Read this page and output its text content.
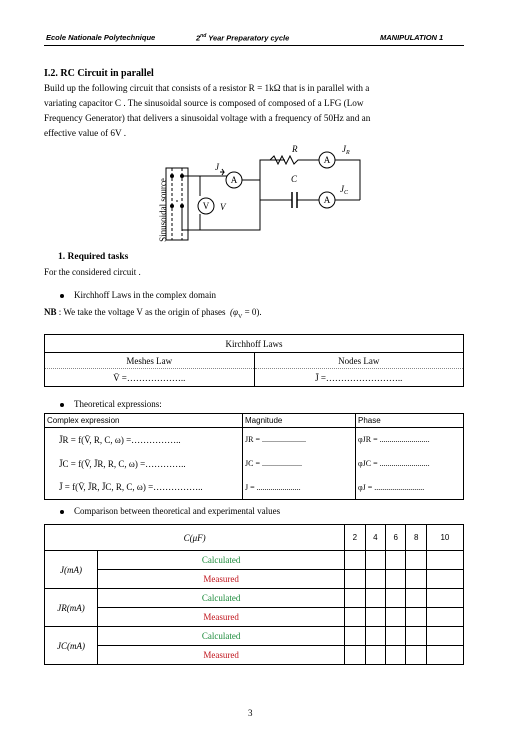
Ecole Nationale Polytechnique	2nd Year Preparatory cycle	MANIPULATION 1
I.2. RC Circuit in parallel
Build up the following circuit that consists of a resistor R = 1kΩ that is in parallel with a
variating capacitor C . The sinusoidal source is composed of composed of a LFG (Low
Frequency Generator) that delivers a sinusoidal voltage with a frequency of 50Hz and an
effective value of 6V .
Sinusoidal source	A
J
R
A
$J_R$
C
A
$J_C$
V V
1. Required tasks
For the considered circuit .
Kirchhoff Laws in the complex domain
NB : We take the voltage V as the origin of phases $(\varphi_V = 0)$.
Kirchhoff Laws	
Meshes Law	Nodes Law
V̄ =………………..	J̄ =……………………..
Theoretical expressions:
Complex expression	Magnitude	Phase
J̄R = f(V̄, R, C, ω) =……………..	JR = ......................	φJR = .........................
J̄C = f(V̄, J̄R, R, C, ω) =…………..	JC = ....................	φJC = .........................
J̄ = f(V̄, J̄R, J̄C, R, C, ω) =……………..	J = ......................	φJ = .........................
Comparison between theoretical and experimental values
C(μF)		2	4	6	8	10
J(mA)	Calculated					
	Measured					
JR(mA)	Calculated					
	Measured					
JC(mA)	Calculated					
	Measured					
3
